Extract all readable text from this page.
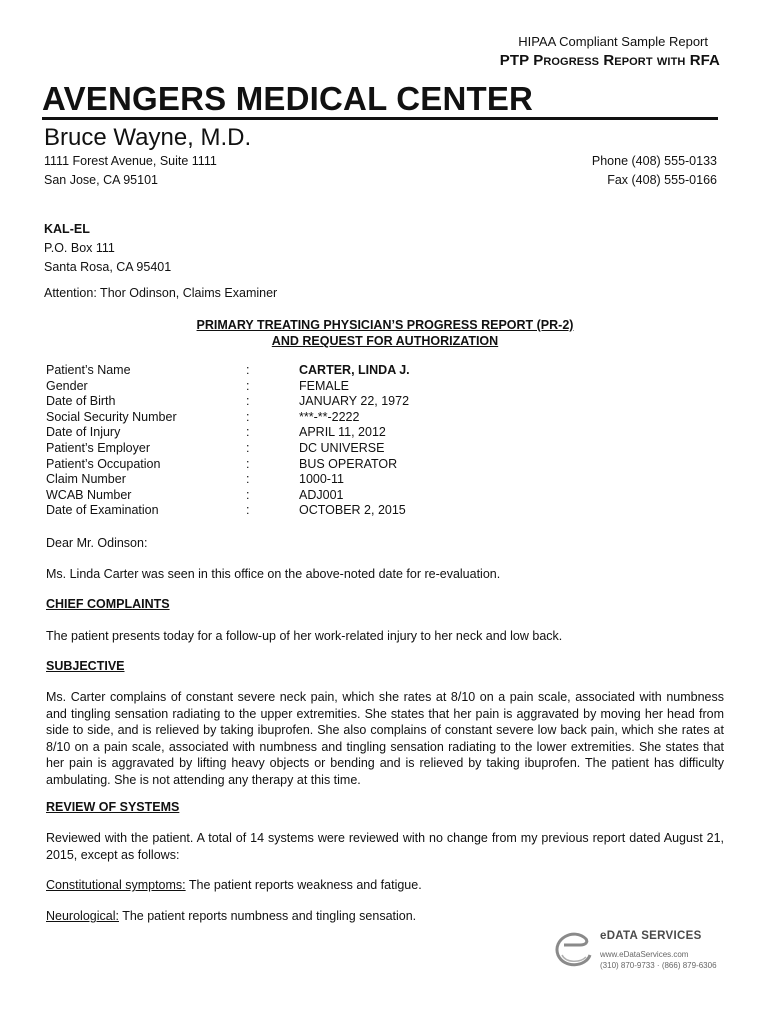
HIPAA Compliant Sample Report
PTP Progress Report with RFA
AVENGERS MEDICAL CENTER
Bruce Wayne, M.D.
1111 Forest Avenue, Suite 1111
San Jose, CA 95101
Phone (408) 555-0133
Fax (408) 555-0166
KAL-EL
P.O. Box 111
Santa Rosa, CA 95401
Attention: Thor Odinson, Claims Examiner
PRIMARY TREATING PHYSICIAN’S PROGRESS REPORT (PR-2)
AND REQUEST FOR AUTHORIZATION
Patient’s Name	:	CARTER, LINDA J.
Gender	:	FEMALE
Date of Birth	:	JANUARY 22, 1972
Social Security Number	:	***-**-2222
Date of Injury	:	APRIL 11, 2012
Patient’s Employer	:	DC UNIVERSE
Patient’s Occupation	:	BUS OPERATOR
Claim Number	:	1000-11
WCAB Number	:	ADJ001
Date of Examination	:	OCTOBER 2, 2015
Dear Mr. Odinson:
Ms. Linda Carter was seen in this office on the above-noted date for re-evaluation.
CHIEF COMPLAINTS
The patient presents today for a follow-up of her work-related injury to her neck and low back.
SUBJECTIVE
Ms. Carter complains of constant severe neck pain, which she rates at 8/10 on a pain scale, associated with numbness and tingling sensation radiating to the upper extremities. She states that her pain is aggravated by moving her head from side to side, and is relieved by taking ibuprofen. She also complains of constant severe low back pain, which she rates at 8/10 on a pain scale, associated with numbness and tingling sensation radiating to the lower extremities. She states that her pain is aggravated by lifting heavy objects or bending and is relieved by taking ibuprofen. The patient has difficulty ambulating. She is not attending any therapy at this time.
REVIEW OF SYSTEMS
Reviewed with the patient. A total of 14 systems were reviewed with no change from my previous report dated August 21, 2015, except as follows:
Constitutional symptoms: The patient reports weakness and fatigue.
Neurological: The patient reports numbness and tingling sensation.
eDATA SERVICES
www.eDataServices.com
(310) 870-9733 · (866) 879-6306
